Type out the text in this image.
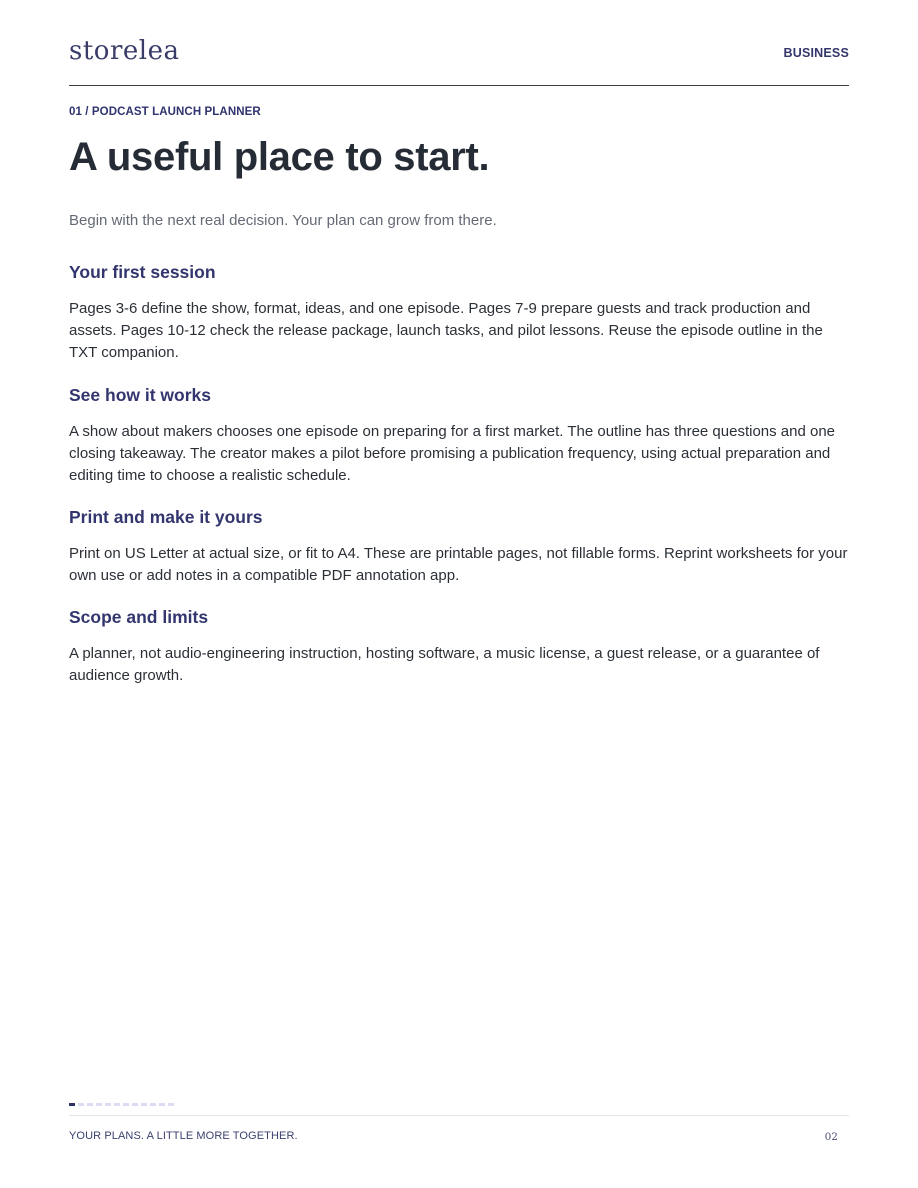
storelea	BUSINESS
01 / PODCAST LAUNCH PLANNER
A useful place to start.

Begin with the next real decision. Your plan can grow from there.

Your first session

Pages 3-6 define the show, format, ideas, and one episode. Pages 7-9 prepare guests and track production and assets. Pages 10-12 check the release package, launch tasks, and pilot lessons. Reuse the episode outline in the TXT companion.

See how it works

A show about makers chooses one episode on preparing for a first market. The outline has three questions and one closing takeaway. The creator makes a pilot before promising a publication frequency, using actual preparation and editing time to choose a realistic schedule.

Print and make it yours

Print on US Letter at actual size, or fit to A4. These are printable pages, not fillable forms. Reprint worksheets for your own use or add notes in a compatible PDF annotation app.

Scope and limits

A planner, not audio-engineering instruction, hosting software, a music license, a guest release, or a guarantee of audience growth.

YOUR PLANS. A LITTLE MORE TOGETHER.	02
